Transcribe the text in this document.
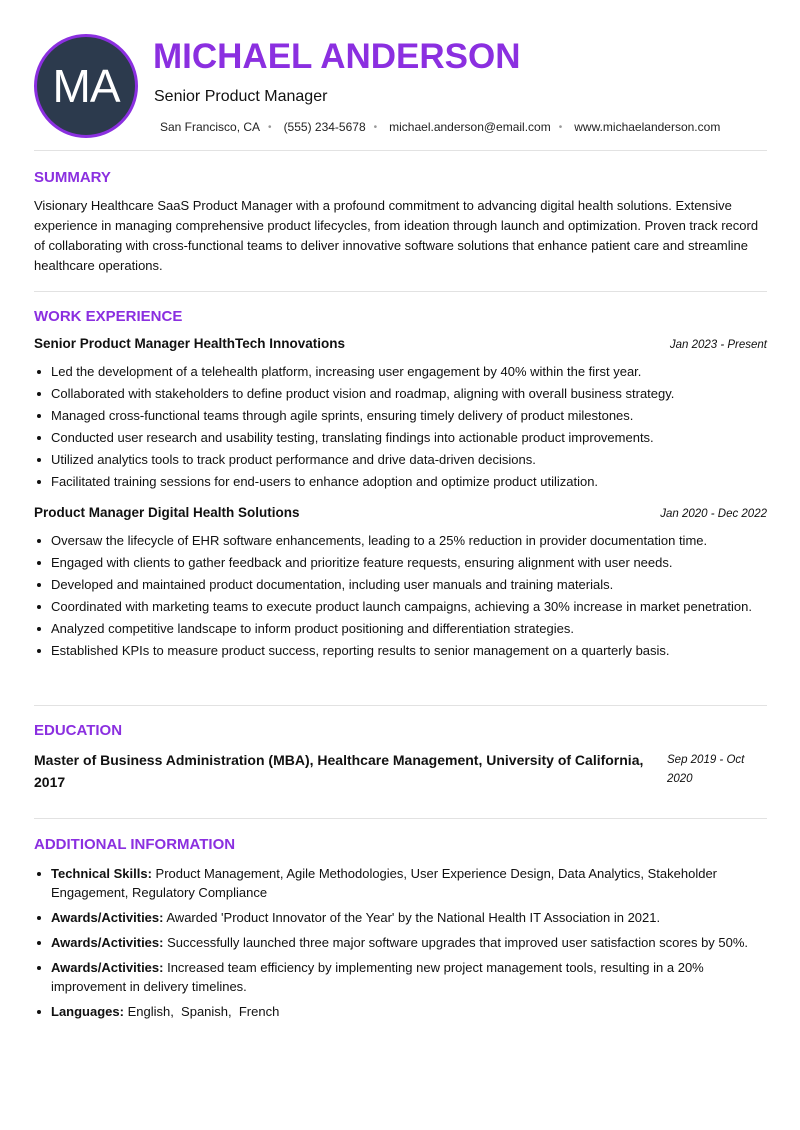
MA
MICHAEL ANDERSON
Senior Product Manager
San Francisco, CA • (555) 234-5678 • michael.anderson@email.com • www.michaelanderson.com
SUMMARY
Visionary Healthcare SaaS Product Manager with a profound commitment to advancing digital health solutions. Extensive experience in managing comprehensive product lifecycles, from ideation through launch and optimization. Proven track record of collaborating with cross-functional teams to deliver innovative software solutions that enhance patient care and streamline healthcare operations.
WORK EXPERIENCE
Senior Product Manager HealthTech Innovations	Jan 2023 - Present
Led the development of a telehealth platform, increasing user engagement by 40% within the first year.
Collaborated with stakeholders to define product vision and roadmap, aligning with overall business strategy.
Managed cross-functional teams through agile sprints, ensuring timely delivery of product milestones.
Conducted user research and usability testing, translating findings into actionable product improvements.
Utilized analytics tools to track product performance and drive data-driven decisions.
Facilitated training sessions for end-users to enhance adoption and optimize product utilization.
Product Manager Digital Health Solutions	Jan 2020 - Dec 2022
Oversaw the lifecycle of EHR software enhancements, leading to a 25% reduction in provider documentation time.
Engaged with clients to gather feedback and prioritize feature requests, ensuring alignment with user needs.
Developed and maintained product documentation, including user manuals and training materials.
Coordinated with marketing teams to execute product launch campaigns, achieving a 30% increase in market penetration.
Analyzed competitive landscape to inform product positioning and differentiation strategies.
Established KPIs to measure product success, reporting results to senior management on a quarterly basis.
EDUCATION
Master of Business Administration (MBA), Healthcare Management, University of California, 2017
Sep 2019 - Oct 2020
ADDITIONAL INFORMATION
Technical Skills: Product Management, Agile Methodologies, User Experience Design, Data Analytics, Stakeholder Engagement, Regulatory Compliance
Awards/Activities: Awarded 'Product Innovator of the Year' by the National Health IT Association in 2021.
Awards/Activities: Successfully launched three major software upgrades that improved user satisfaction scores by 50%.
Awards/Activities: Increased team efficiency by implementing new project management tools, resulting in a 20% improvement in delivery timelines.
Languages: English,  Spanish,  French
